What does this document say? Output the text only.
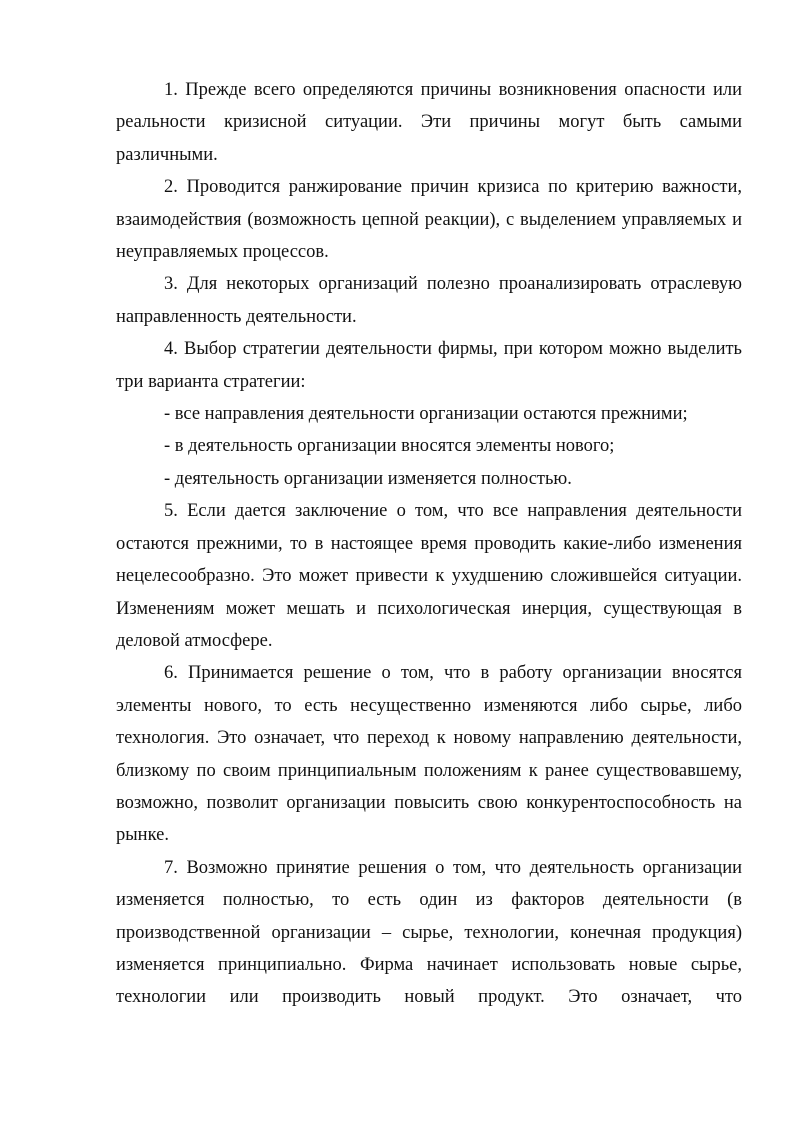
1. Прежде всего определяются причины возникновения опасности или реальности кризисной ситуации. Эти причины могут быть самыми различными.

2. Проводится ранжирование причин кризиса по критерию важности, взаимодействия (возможность цепной реакции), с выделением управляемых и неуправляемых процессов.

3. Для некоторых организаций полезно проанализировать отраслевую направленность деятельности.

4. Выбор стратегии деятельности фирмы, при котором можно выделить три варианта стратегии:

- все направления деятельности организации остаются прежними;

- в деятельность организации вносятся элементы нового;

- деятельность организации изменяется полностью.

5. Если дается заключение о том, что все направления деятельности остаются прежними, то в настоящее время проводить какие-либо изменения нецелесообразно. Это может привести к ухудшению сложившейся ситуации. Изменениям может мешать и психологическая инерция, существующая в деловой атмосфере.

6. Принимается решение о том, что в работу организации вносятся элементы нового, то есть несущественно изменяются либо сырье, либо технология. Это означает, что переход к новому направлению деятельности, близкому по своим принципиальным положениям к ранее существовавшему, возможно, позволит организации повысить свою конкурентоспособность на рынке.

7. Возможно принятие решения о том, что деятельность организации изменяется полностью, то есть один из факторов деятельности (в производственной организации – сырье, технологии, конечная продукция) изменяется принципиально. Фирма начинает использовать новые сырье, технологии или производить новый продукт. Это означает, что
